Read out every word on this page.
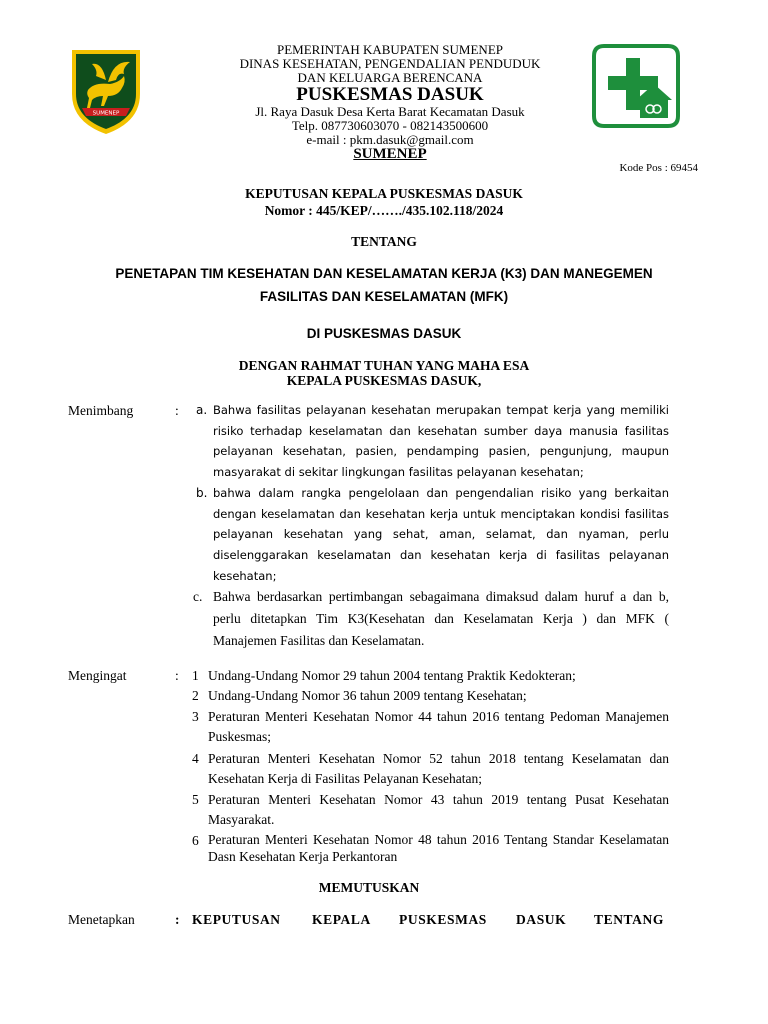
SUMENEP
PEMERINTAH KABUPATEN SUMENEP
DINAS KESEHATAN, PENGENDALIAN PENDUDUK
DAN KELUARGA BERENCANA
PUSKESMAS DASUK
Jl. Raya Dasuk Desa Kerta Barat Kecamatan Dasuk
Telp. 087730603070 - 082143500600
e-mail : pkm.dasuk@gmail.com
SUMENEP
Kode Pos : 69454
KEPUTUSAN KEPALA PUSKESMAS DASUK
Nomor : 445/KEP/……./435.102.118/2024
TENTANG
PENETAPAN TIM KESEHATAN DAN KESELAMATAN KERJA (K3) DAN MANEGEMEN
FASILITAS DAN KESELAMATAN (MFK)
DI PUSKESMAS DASUK
DENGAN RAHMAT TUHAN YANG MAHA ESA
KEPALA PUSKESMAS DASUK,
Menimbang	: a. Bahwa fasilitas pelayanan kesehatan merupakan tempat kerja yang memiliki risiko terhadap keselamatan dan kesehatan sumber daya manusia fasilitas pelayanan kesehatan, pasien, pendamping pasien, pengunjung, maupun masyarakat di sekitar lingkungan fasilitas pelayanan kesehatan;
b. bahwa dalam rangka pengelolaan dan pengendalian risiko yang berkaitan dengan keselamatan dan kesehatan kerja untuk menciptakan kondisi fasilitas pelayanan kesehatan yang sehat, aman, selamat, dan nyaman, perlu diselenggarakan keselamatan dan kesehatan kerja di fasilitas pelayanan kesehatan;
c. Bahwa berdasarkan pertimbangan sebagaimana dimaksud dalam huruf a dan b, perlu ditetapkan Tim K3(Kesehatan dan Keselamatan Kerja ) dan MFK ( Manajemen Fasilitas dan Keselamatan.
Mengingat	: 1 Undang-Undang Nomor 29 tahun 2004 tentang Praktik Kedokteran;
2 Undang-Undang Nomor 36 tahun 2009 tentang Kesehatan;
3 Peraturan Menteri Kesehatan Nomor 44 tahun 2016 tentang Pedoman Manajemen Puskesmas;
4 Peraturan Menteri Kesehatan Nomor 52 tahun 2018 tentang Keselamatan dan Kesehatan Kerja di Fasilitas Pelayanan Kesehatan;
5 Peraturan Menteri Kesehatan Nomor 43 tahun 2019 tentang Pusat Kesehatan Masyarakat.
6 Peraturan Menteri Kesehatan Nomor 48 tahun 2016 Tentang Standar Keselamatan Dasn Kesehatan Kerja Perkantoran
MEMUTUSKAN
Menetapkan	: KEPUTUSAN KEPALA PUSKESMAS DASUK TENTANG
